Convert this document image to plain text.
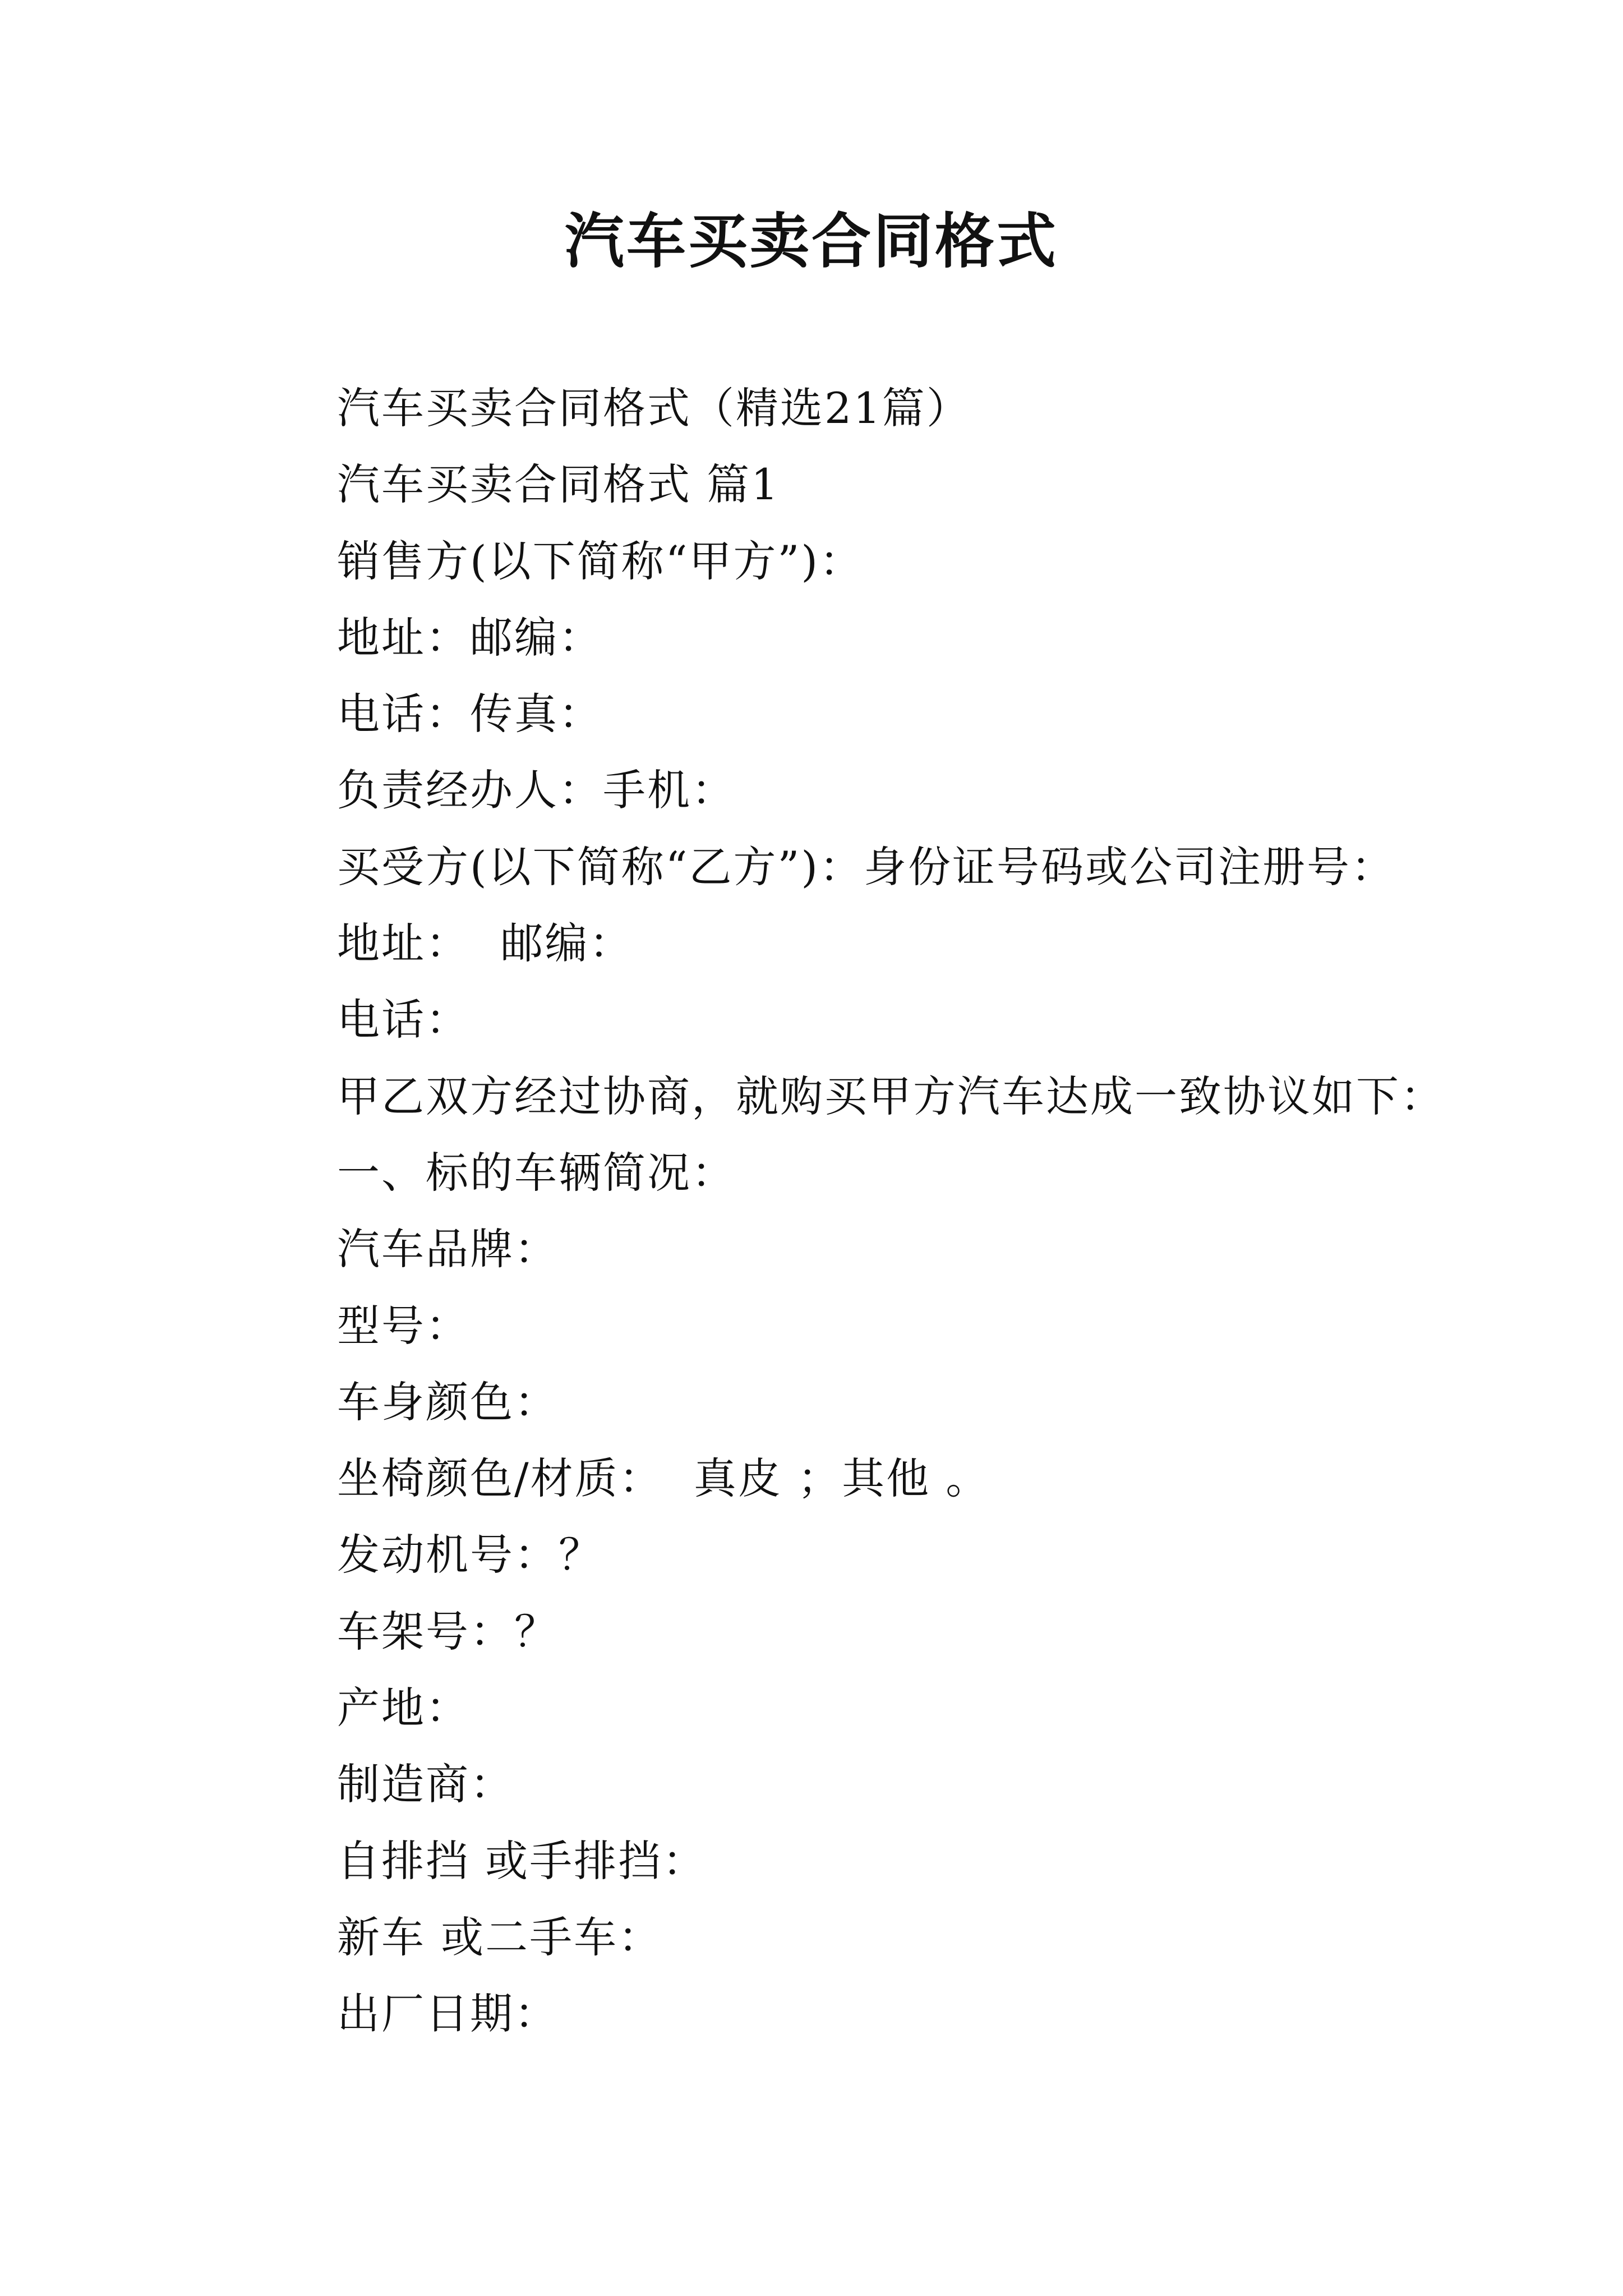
汽车买卖合同格式
汽车买卖合同格式（精选21篇）
汽车买卖合同格式 篇1
销售方(以下简称“甲方”)：
地址：邮编：
电话：传真：
负责经办人：手机：
买受方(以下简称“乙方”)：身份证号码或公司注册号：
地址：  邮编：
电话：
甲乙双方经过协商，就购买甲方汽车达成一致协议如下：
一、标的车辆简况：
汽车品牌：
型号：
车身颜色：
坐椅颜色/材质：  真皮 ；其他 。
发动机号：？
车架号：？
产地：
制造商：
自排挡 或手排挡：
新车 或二手车：
出厂日期：
